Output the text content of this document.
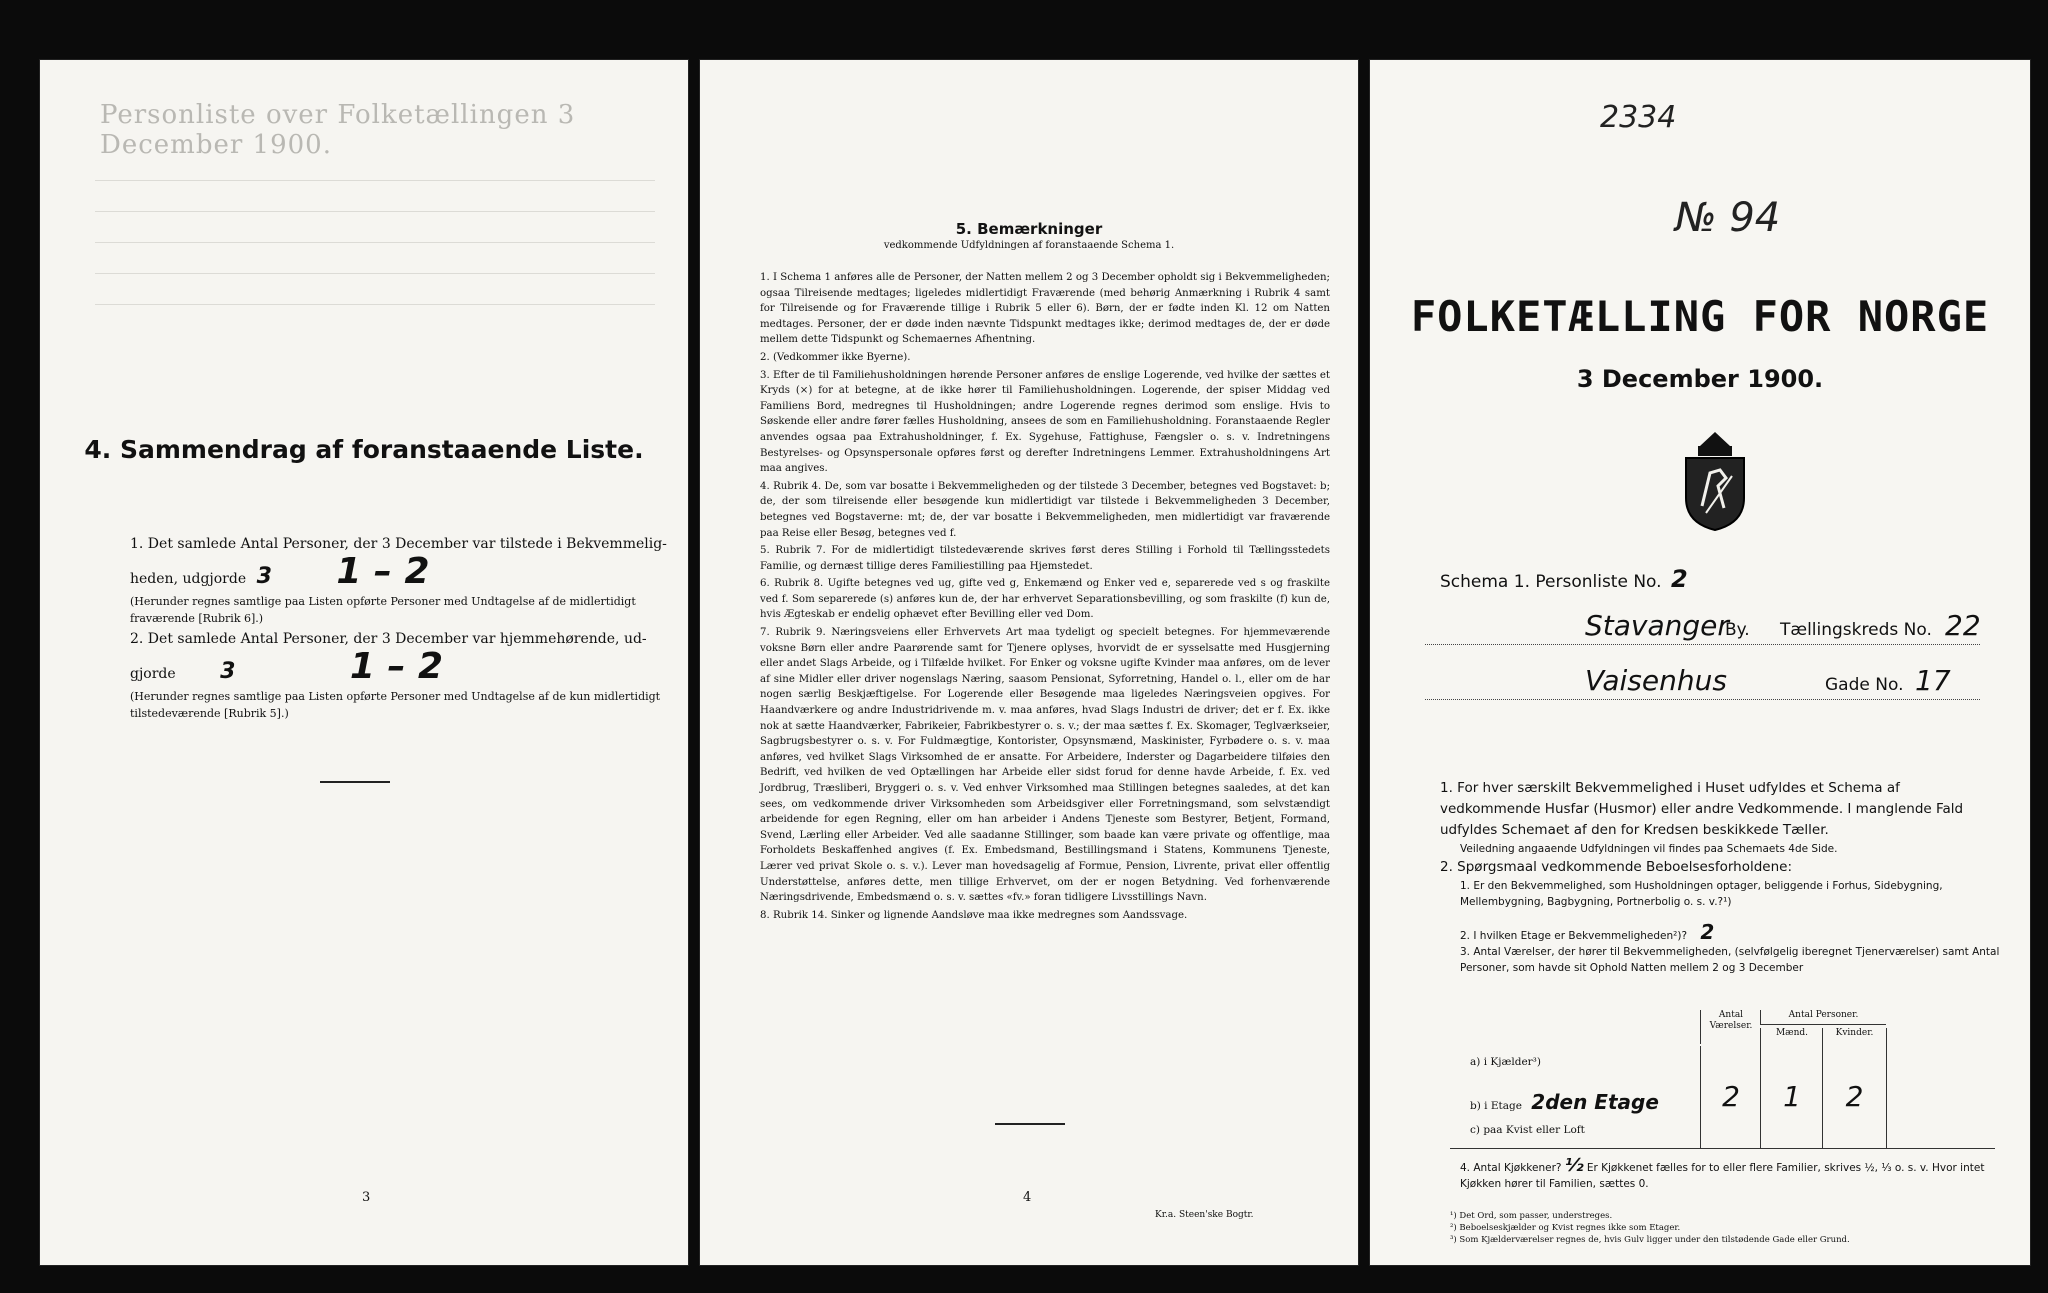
Personliste over Folketællingen 3 December 1900.
4. Sammendrag af foranstaaende Liste.
1. Det samlede Antal Personer, der 3 December var tilstede i Bekvemmelig-
heden, udgjorde 3 1 – 2
(Herunder regnes samtlige paa Listen opførte Personer med Undtagelse af de midlertidigt fraværende [Rubrik 6].)
2. Det samlede Antal Personer, der 3 December var hjemmehørende, ud-
gjorde 3	1 – 2
(Herunder regnes samtlige paa Listen opførte Personer med Undtagelse af de kun midlertidigt tilstedeværende [Rubrik 5].)
3
5. Bemærkninger
vedkommende Udfyldningen af foranstaaende Schema 1.
1. I Schema 1 anføres alle de Personer, der Natten mellem 2 og 3 December opholdt sig i Bekvemmeligheden; ogsaa Tilreisende medtages; ligeledes midlertidigt Fraværende (med behørig Anmærkning i Rubrik 4 samt for Tilreisende og for Fraværende tillige i Rubrik 5 eller 6). Børn, der er fødte inden Kl. 12 om Natten medtages. Personer, der er døde inden nævnte Tidspunkt medtages ikke; derimod medtages de, der er døde mellem dette Tidspunkt og Schemaernes Afhentning.
2. (Vedkommer ikke Byerne).
3. Efter de til Familiehusholdningen hørende Personer anføres de enslige Logerende, ved hvilke der sættes et Kryds (×) for at betegne, at de ikke hører til Familiehusholdningen. Logerende, der spiser Middag ved Familiens Bord, medregnes til Husholdningen; andre Logerende regnes derimod som enslige. Hvis to Søskende eller andre fører fælles Husholdning, ansees de som en Familiehusholdning. Foranstaaende Regler anvendes ogsaa paa Extrahusholdninger, f. Ex. Sygehuse, Fattighuse, Fængsler o. s. v. Indretningens Bestyrelses- og Opsynspersonale opføres først og derefter Indretningens Lemmer. Extrahusholdningens Art maa angives.
4. Rubrik 4. De, som var bosatte i Bekvemmeligheden og der tilstede 3 December, betegnes ved Bogstavet: b; de, der som tilreisende eller besøgende kun midlertidigt var tilstede i Bekvemmeligheden 3 December, betegnes ved Bogstaverne: mt; de, der var bosatte i Bekvemmeligheden, men midlertidigt var fraværende paa Reise eller Besøg, betegnes ved f.
5. Rubrik 7. For de midlertidigt tilstedeværende skrives først deres Stilling i Forhold til Tællingsstedets Familie, og dernæst tillige deres Familiestilling paa Hjemstedet.
6. Rubrik 8. Ugifte betegnes ved ug, gifte ved g, Enkemænd og Enker ved e, separerede ved s og fraskilte ved f. Som separerede (s) anføres kun de, der har erhvervet Separationsbevilling, og som fraskilte (f) kun de, hvis Ægteskab er endelig ophævet efter Bevilling eller ved Dom.
7. Rubrik 9. Næringsveiens eller Erhvervets Art maa tydeligt og specielt betegnes. For hjemmeværende voksne Børn eller andre Paarørende samt for Tjenere oplyses, hvorvidt de er sysselsatte med Husgjerning eller andet Slags Arbeide, og i Tilfælde hvilket. For Enker og voksne ugifte Kvinder maa anføres, om de lever af sine Midler eller driver nogenslags Næring, saasom Pensionat, Syforretning, Handel o. l., eller om de har nogen særlig Beskjæftigelse. For Logerende eller Besøgende maa ligeledes Næringsveien opgives. For Haandværkere og andre Industridrivende m. v. maa anføres, hvad Slags Industri de driver; det er f. Ex. ikke nok at sætte Haandværker, Fabrikeier, Fabrikbestyrer o. s. v.; der maa sættes f. Ex. Skomager, Teglværkseier, Sagbrugsbestyrer o. s. v. For Fuldmægtige, Kontorister, Opsynsmænd, Maskinister, Fyrbødere o. s. v. maa anføres, ved hvilket Slags Virksomhed de er ansatte. For Arbeidere, Inderster og Dagarbeidere tilføies den Bedrift, ved hvilken de ved Optællingen har Arbeide eller sidst forud for denne havde Arbeide, f. Ex. ved Jordbrug, Træsliberi, Bryggeri o. s. v. Ved enhver Virksomhed maa Stillingen betegnes saaledes, at det kan sees, om vedkommende driver Virksomheden som Arbeidsgiver eller Forretningsmand, som selvstændigt arbeidende for egen Regning, eller om han arbeider i Andens Tjeneste som Bestyrer, Betjent, Formand, Svend, Lærling eller Arbeider. Ved alle saadanne Stillinger, som baade kan være private og offentlige, maa Forholdets Beskaffenhed angives (f. Ex. Embedsmand, Bestillingsmand i Statens, Kommunens Tjeneste, Lærer ved privat Skole o. s. v.). Lever man hovedsagelig af Formue, Pension, Livrente, privat eller offentlig Understøttelse, anføres dette, men tillige Erhvervet, om der er nogen Betydning. Ved forhenværende Næringsdrivende, Embedsmænd o. s. v. sættes «fv.» foran tidligere Livsstillings Navn.
8. Rubrik 14. Sinker og lignende Aandsløve maa ikke medregnes som Aandssvage.
4
Kr.a. Steen'ske Bogtr.
2334
№ 94
FOLKETÆLLING FOR NORGE
3 December 1900.
Schema 1. Personliste No. 2
Stavanger
By. Tællingskreds No. 22
Vaisenhus	Gade No. 17
1. For hver særskilt Bekvemmelighed i Huset udfyldes et Schema af vedkommende Husfar (Husmor) eller andre Vedkommende. I manglende Fald udfyldes Schemaet af den for Kredsen beskikkede Tæller.
Veiledning angaaende Udfyldningen vil findes paa Schemaets 4de Side.
2. Spørgsmaal vedkommende Beboelsesforholdene:
1. Er den Bekvemmelighed, som Husholdningen optager, beliggende i Forhus, Sidebygning, Mellembygning, Bagbygning, Portnerbolig o. s. v.?¹)
2. I hvilken Etage er Bekvemmeligheden²)? 2
3. Antal Værelser, der hører til Bekvemmeligheden, (selvfølgelig iberegnet Tjenerværelser) samt Antal Personer, som havde sit Ophold Natten mellem 2 og 3 December
Antal Værelser.
Antal Personer.
Mænd.	Kvinder.
a) i Kjælder³)
b) i Etage 2den Etage	2	1	2
c) paa Kvist eller Loft
4. Antal Kjøkkener? ½ Er Kjøkkenet fælles for to eller flere Familier, skrives ½, ⅓ o. s. v. Hvor intet Kjøkken hører til Familien, sættes 0.
¹) Det Ord, som passer, understreges.
²) Beboelseskjælder og Kvist regnes ikke som Etager.
³) Som Kjælderværelser regnes de, hvis Gulv ligger under den tilstødende Gade eller Grund.
